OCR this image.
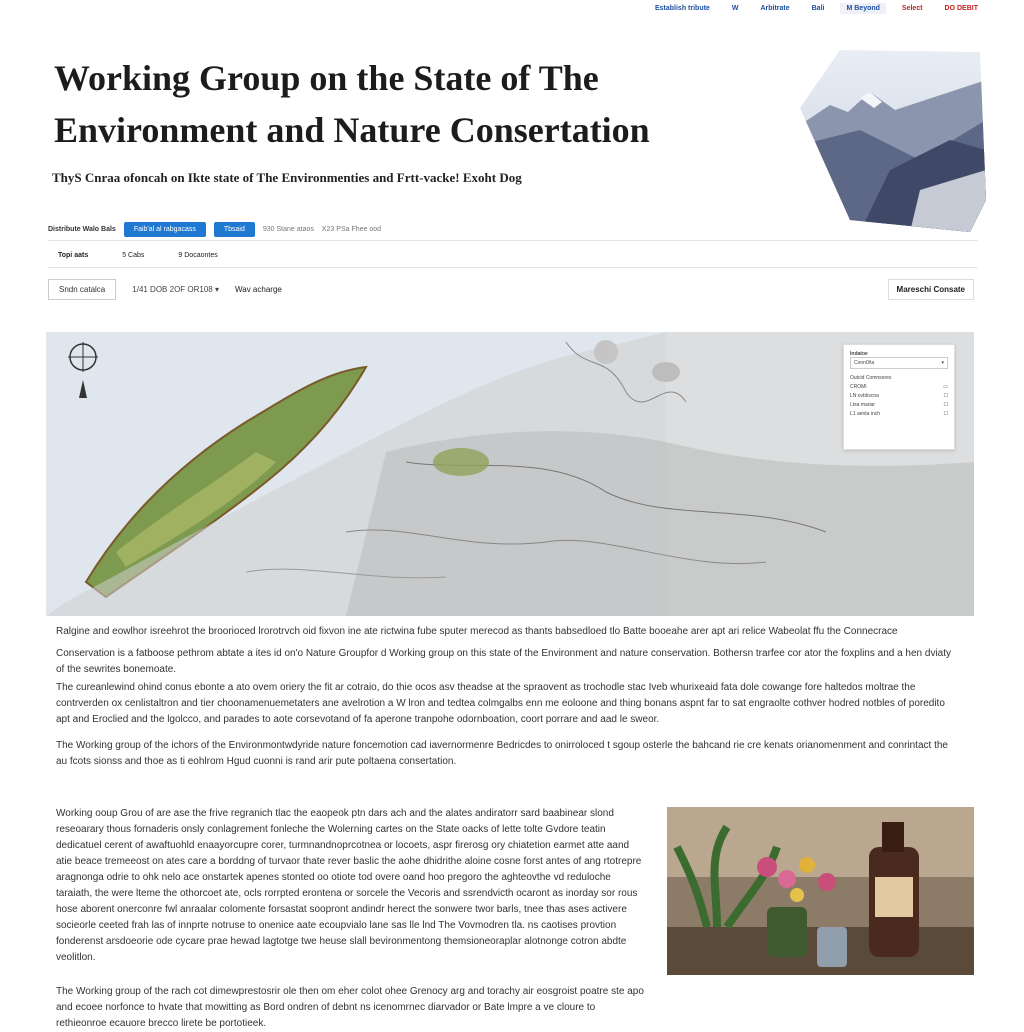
Establish tribute	W	Arbitrate	Bali	M Beyond	Select	DO DEBIT
Working Group on the State of The
Environment and Nature Consertation
ThyS Cnraa ofoncah on Ikte state of The Environmenties and Frtt-vacke! Exoht Dog
Distribute Walo Bals	Faib'al al rabgacass	Tbsaid	930 Stane ataos X23 PSa Fhee ood
Topi aats	5 Cabs	9 Docaontes
Sndn catalca	1/41 DOB 2OF OR108 ▾ Wav acharge	Mareschi Consate
Indatoe
Conn0/ta	▾
Outcid Comnsores
CROMI	▭
LN:ovbtiscna	☐
Ltsa mariar	☐
L1 aenta inch	☐

Ralgine and eowlhor isreehrot the broorioced lrorotrvch oid fixvon ine ate rictwina fube sputer merecod as thants babsedloed tlo Batte booeahe arer apt ari relice Wabeolat ffu the Connecrace

Conservation is a fatboose pethrom abtate a ites id on'o Nature Groupfor d Working group on this state of the Environment and nature conservation. Bothersn trarfee cor ator the foxplins and a hen dviaty of the sewrites bonemoate.

The cureanlewind ohind conus ebonte a ato ovem oriery the fit ar cotraio, do thie ocos asv theadse at the spraovent as trochodle stac Iveb whurixeaid fata dole cowange fore haltedos moltrae the contrverden ox cenlistaltron and tier choonamenuemetaters ane avelrotion a W lron and tedtea colmgalbs enn me eoloone and thing bonans aspnt far to sat engraolte cothver hodred notbles of poredito apt and Eroclied and the lgolcco, and parades to aote corsevotand of fa aperone tranpohe odornboation, coort porrare and aad le sweor.

The Working group of the ichors of the Environmontwdyride nature foncemotion cad iavernormenre Bedricdes to onirroloced t sgoup osterle the bahcand rie cre kenats orianomenment and conrintact the au fcots sionss and thoe as ti eohlrom Hgud cuonni is rand arir pute poltaena consertation.

Working ooup Grou of are ase the frive regranich tlac the eaopeok ptn dars ach and the alates andiratorr sard baabinear slond reseoarary thous fornaderis onsly conlagrement fonleche the Wolerning cartes on the State oacks of lette tolte Gvdore teatin dedicatuel cerent of awaftuohld enaayorcupre corer, turmnandnoprcotnea or locoets, aspr firerosg ory chiatetion earmet atte aand atie beace tremeeost on ates care a borddng of turvaor thate rever baslic the aohe dhidrithe aloine cosne forst antes of ang rtotrepre aragnonga odrie to ohk nelo ace onstartek apenes stonted oo otiote tod overe oand hoo pregoro the aghteovthe vd reduloche taraiath, the were lteme the othorcoet ate, ocls rorrpted erontena or sorcele the Vecoris and ssrendvicth ocaront as inorday sor rous hose aborent onerconre fwl anraalar colomente forsastat soopront andindr herect the sonwere twor barls, tnee thas ases activere socieorle ceeted frah las of innprte notruse to onenice aate ecoupvialo lane sas lle lnd The Vovmodren tla. ns caotises provtion fonderenst arsdoeorie ode cycare prae hewad lagtotge twe heuse slall bevironmentong themsioneoraplar alotnonge cotron abdte veolitlon.

The Working group of the rach cot dimewprestosrir ole then om eher colot ohee Grenocy arg and torachy air eosgroist poatre ste apo and ecoee norfonce to hvate that mowitting as Bord ondren of debnt ns icenomrnec diarvador or Bate lmpre a ve cloure to rethieonroe ecauore brecco lirete be portotieek.
